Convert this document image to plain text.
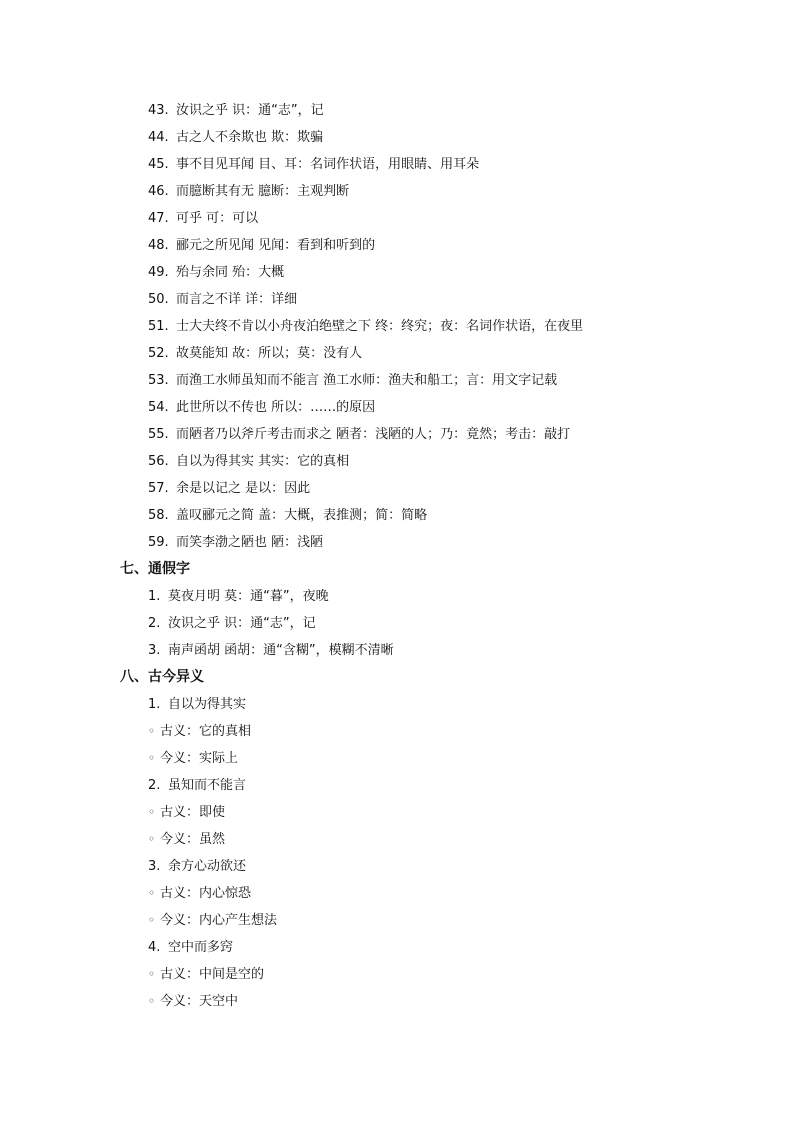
43. 汝识之乎 识：通“志”，记
44. 古之人不余欺也 欺：欺骗
45. 事不目见耳闻 目、耳：名词作状语，用眼睛、用耳朵
46. 而臆断其有无 臆断：主观判断
47. 可乎 可：可以
48. 郦元之所见闻 见闻：看到和听到的
49. 殆与余同 殆：大概
50. 而言之不详 详：详细
51. 士大夫终不肯以小舟夜泊绝壁之下 终：终究；夜：名词作状语，在夜里
52. 故莫能知 故：所以；莫：没有人
53. 而渔工水师虽知而不能言 渔工水师：渔夫和船工；言：用文字记载
54. 此世所以不传也 所以：……的原因
55. 而陋者乃以斧斤考击而求之 陋者：浅陋的人；乃：竟然；考击：敲打
56. 自以为得其实 其实：它的真相
57. 余是以记之 是以：因此
58. 盖叹郦元之简 盖：大概，表推测；简：简略
59. 而笑李渤之陋也 陋：浅陋
七、通假字
1. 莫夜月明 莫：通“暮”，夜晚
2. 汝识之乎 识：通“志”，记
3. 南声函胡 函胡：通“含糊”，模糊不清晰
八、古今异义
1. 自以为得其实
◦ 古义：它的真相
◦ 今义：实际上
2. 虽知而不能言
◦ 古义：即使
◦ 今义：虽然
3. 余方心动欲还
◦ 古义：内心惊恐
◦ 今义：内心产生想法
4. 空中而多窍
◦ 古义：中间是空的
◦ 今义：天空中
